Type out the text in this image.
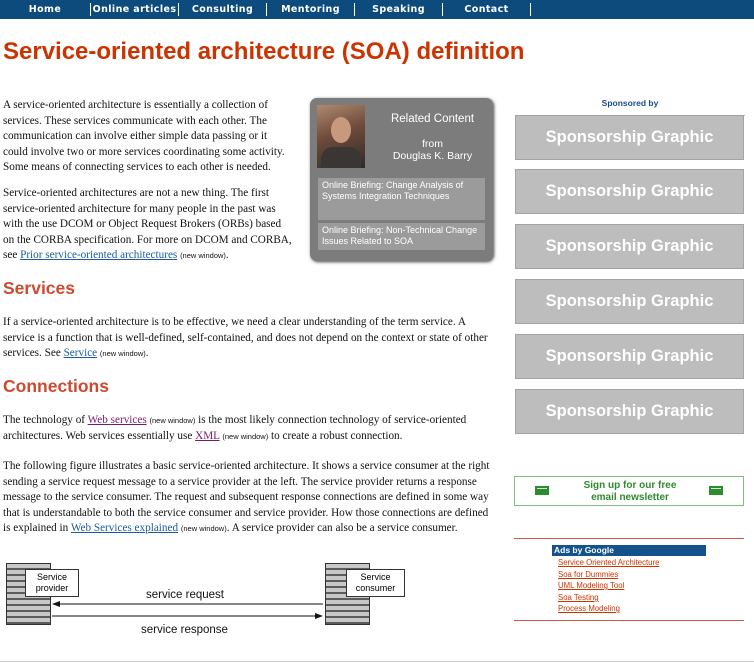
Home	Online articles	Consulting	Mentoring	Speaking	Contact
Service-oriented architecture (SOA) definition

A service-oriented architecture is essentially a collection of services. These services communicate with each other. The communication can involve either simple data passing or it could involve two or more services coordinating some activity. Some means of connecting services to each other is needed.

Service-oriented architectures are not a new thing. The first service-oriented architecture for many people in the past was with the use DCOM or Object Request Brokers (ORBs) based on the CORBA specification. For more on DCOM and CORBA, see Prior service-oriented architectures (new window).

Related Content
from
Douglas K. Barry
Online Briefing: Change Analysis of Systems Integration Techniques
Online Briefing: Non-Technical Change Issues Related to SOA
Services

If a service-oriented architecture is to be effective, we need a clear understanding of the term service. A service is a function that is well-defined, self-contained, and does not depend on the context or state of other services. See Service (new window).

Connections

The technology of Web services (new window) is the most likely connection technology of service-oriented architectures. Web services essentially use XML (new window) to create a robust connection.

The following figure illustrates a basic service-oriented architecture. It shows a service consumer at the right sending a service request message to a service provider at the left. The service provider returns a response message to the service consumer. The request and subsequent response connections are defined in some way that is understandable to both the service consumer and service provider. How those connections are defined is explained in Web Services explained (new window). A service provider can also be a service consumer.

Service
provider
Service
consumer
service request
service response
Sponsored by
Sponsorship Graphic
Sponsorship Graphic
Sponsorship Graphic
Sponsorship Graphic
Sponsorship Graphic
Sponsorship Graphic
Sign up for our free
email newsletter
Ads by Google
Service Oriented Architecture
Soa for Dummies
UML Modeling Tool
Soa Testing
Process Modeling
